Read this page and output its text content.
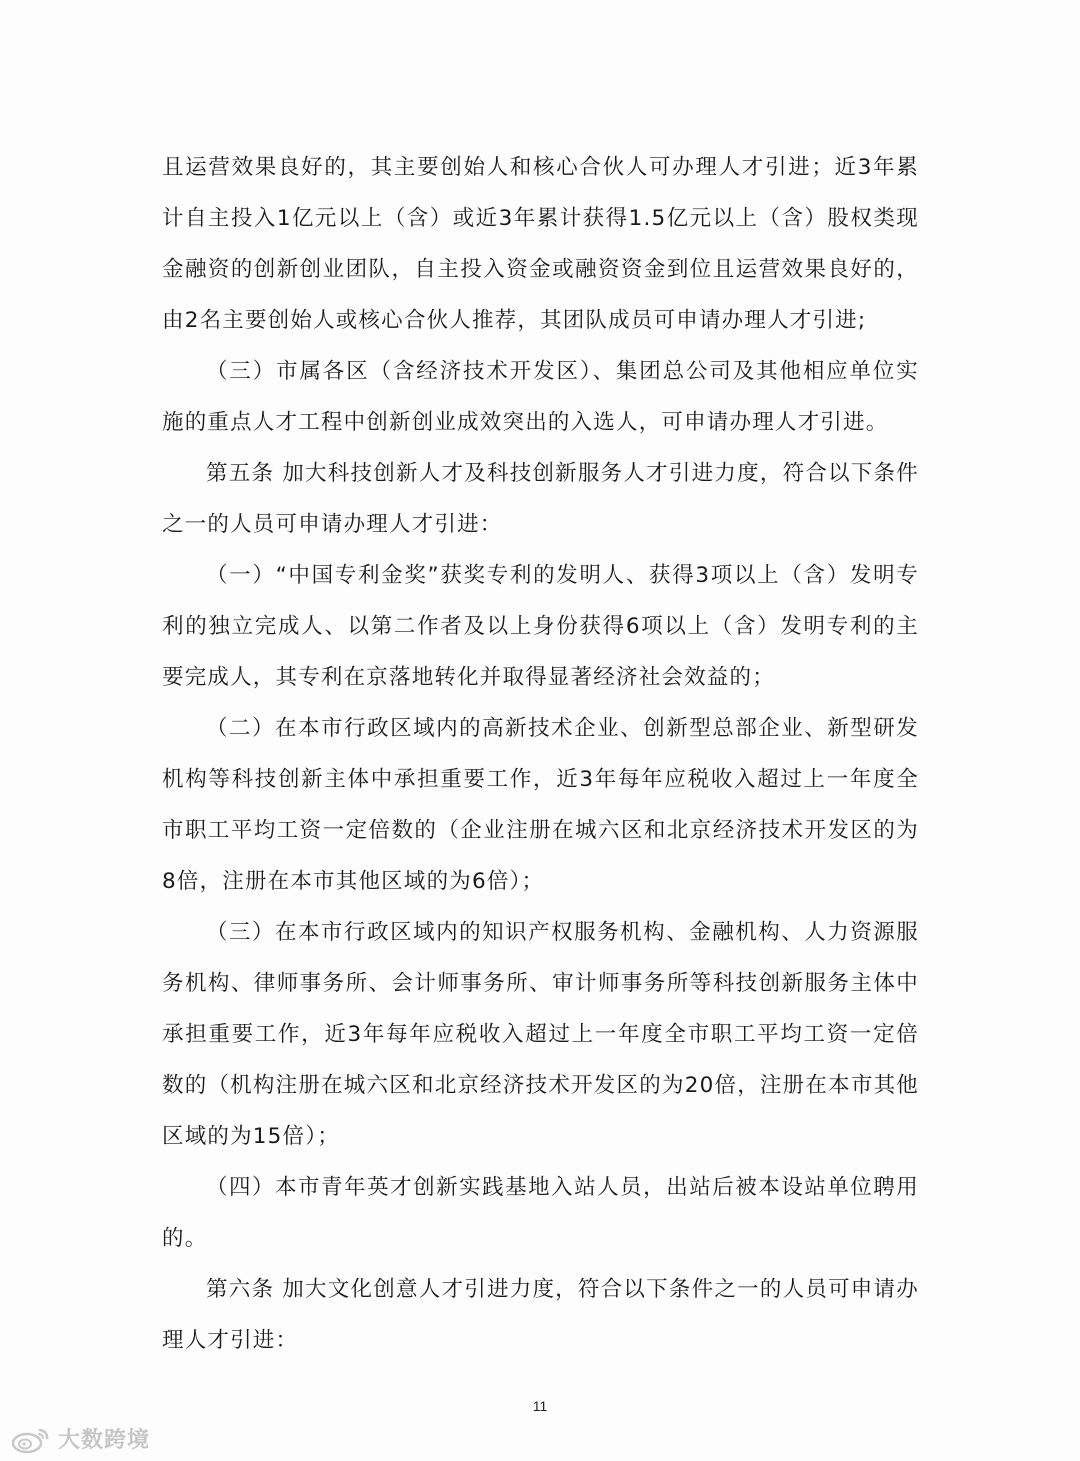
且运营效果良好的，其主要创始人和核心合伙人可办理人才引进；近3年累计自主投入1亿元以上（含）或近3年累计获得1.5亿元以上（含）股权类现金融资的创新创业团队，自主投入资金或融资资金到位且运营效果良好的，由2名主要创始人或核心合伙人推荐，其团队成员可申请办理人才引进;

（三）市属各区（含经济技术开发区）、集团总公司及其他相应单位实施的重点人才工程中创新创业成效突出的入选人，可申请办理人才引进。

第五条 加大科技创新人才及科技创新服务人才引进力度，符合以下条件之一的人员可申请办理人才引进：

（一）“中国专利金奖”获奖专利的发明人、获得3项以上（含）发明专利的独立完成人、以第二作者及以上身份获得6项以上（含）发明专利的主要完成人，其专利在京落地转化并取得显著经济社会效益的；

（二）在本市行政区域内的高新技术企业、创新型总部企业、新型研发机构等科技创新主体中承担重要工作，近3年每年应税收入超过上一年度全市职工平均工资一定倍数的（企业注册在城六区和北京经济技术开发区的为8倍，注册在本市其他区域的为6倍）；

（三）在本市行政区域内的知识产权服务机构、金融机构、人力资源服务机构、律师事务所、会计师事务所、审计师事务所等科技创新服务主体中承担重要工作，近3年每年应税收入超过上一年度全市职工平均工资一定倍数的（机构注册在城六区和北京经济技术开发区的为20倍，注册在本市其他区域的为15倍）；

（四）本市青年英才创新实践基地入站人员，出站后被本设站单位聘用的。

第六条 加大文化创意人才引进力度，符合以下条件之一的人员可申请办理人才引进：

11
大数跨境
